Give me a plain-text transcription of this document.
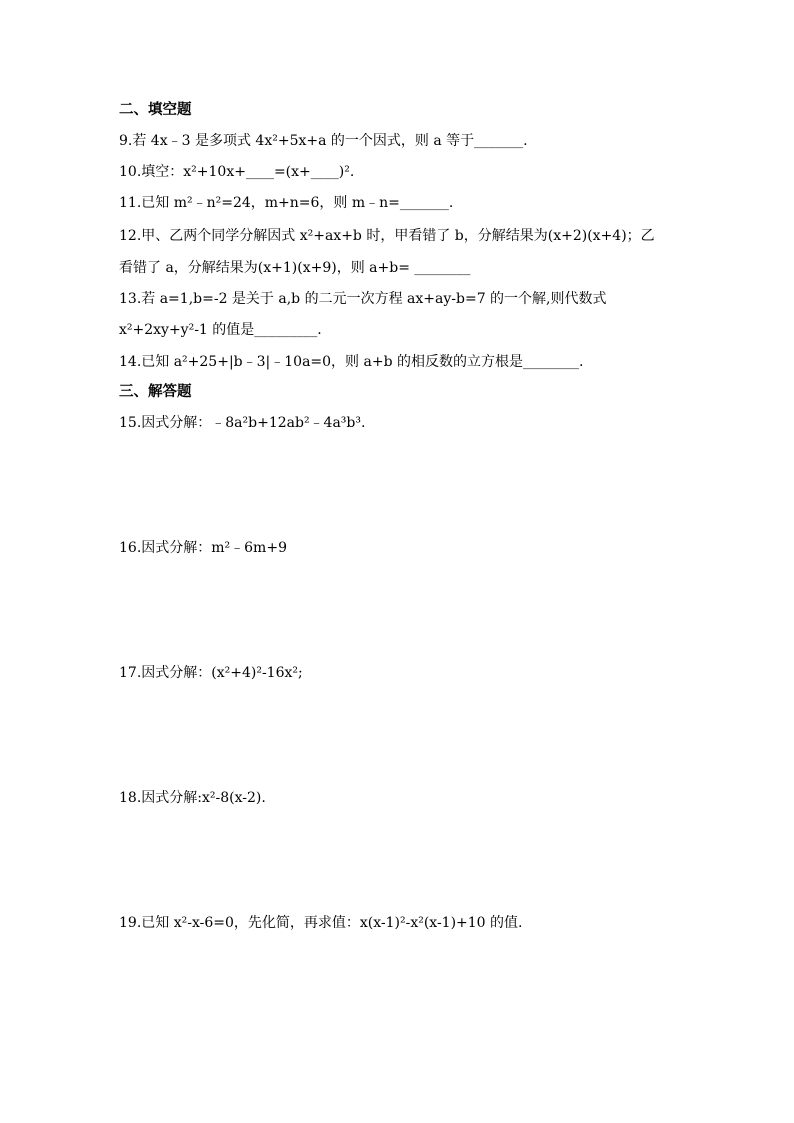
二、填空题
9.若 4x﹣3 是多项式 4x²+5x+a 的一个因式，则 a 等于_______.
10.填空：x²+10x+____=(x+____)².
11.已知 m²﹣n²=24，m+n=6，则 m﹣n=_______.
12.甲、乙两个同学分解因式 x²+ax+b 时，甲看错了 b，分解结果为(x+2)(x+4)；乙
看错了 a，分解结果为(x+1)(x+9)，则 a+b= ________
13.若 a=1,b=-2 是关于 a,b 的二元一次方程 ax+ay-b=7 的一个解,则代数式
x²+2xy+y²-1 的值是_________.
14.已知 a²+25+|b﹣3|﹣10a=0，则 a+b 的相反数的立方根是________.
三、解答题
15.因式分解：﹣8a²b+12ab²﹣4a³b³.
16.因式分解：m²﹣6m+9
17.因式分解：(x²+4)²-16x²;
18.因式分解:x²-8(x-2).
19.已知 x²-x-6=0，先化简，再求值：x(x-1)²-x²(x-1)+10 的值.
